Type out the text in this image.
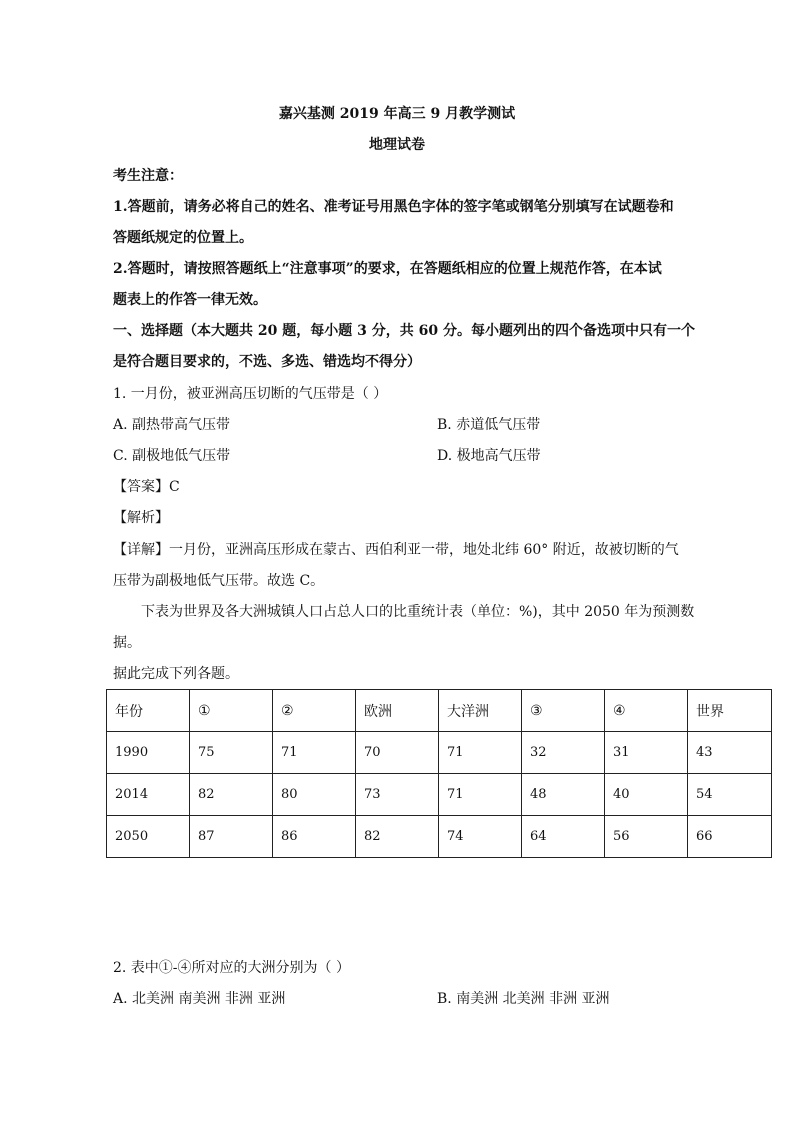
嘉兴基测 2019 年高三 9 月教学测试
地理试卷
考生注意：
1.答题前，请务必将自己的姓名、准考证号用黑色字体的签字笔或钢笔分别填写在试题卷和
答题纸规定的位置上。
2.答题时，请按照答题纸上“注意事项”的要求，在答题纸相应的位置上规范作答，在本试
题表上的作答一律无效。
一、选择题（本大题共 20 题，每小题 3 分，共 60 分。每小题列出的四个备选项中只有一个
是符合题目要求的，不选、多选、错选均不得分）
1. 一月份，被亚洲高压切断的气压带是（ ）
A. 副热带高气压带	B. 赤道低气压带
C. 副极地低气压带	D. 极地高气压带
【答案】C
【解析】
【详解】一月份，亚洲高压形成在蒙古、西伯利亚一带，地处北纬 60° 附近，故被切断的气
压带为副极地低气压带。故选 C。
下表为世界及各大洲城镇人口占总人口的比重统计表（单位：%)，其中 2050 年为预测数
据。
据此完成下列各题。
年份	①	②	欧洲	大洋洲	③	④	世界
1990	75	71	70	71	32	31	43
2014	82	80	73	71	48	40	54
2050	87	86	82	74	64	56	66
2. 表中①-④所对应的大洲分别为（ ）
A. 北美洲 南美洲 非洲 亚洲	B. 南美洲 北美洲 非洲 亚洲
